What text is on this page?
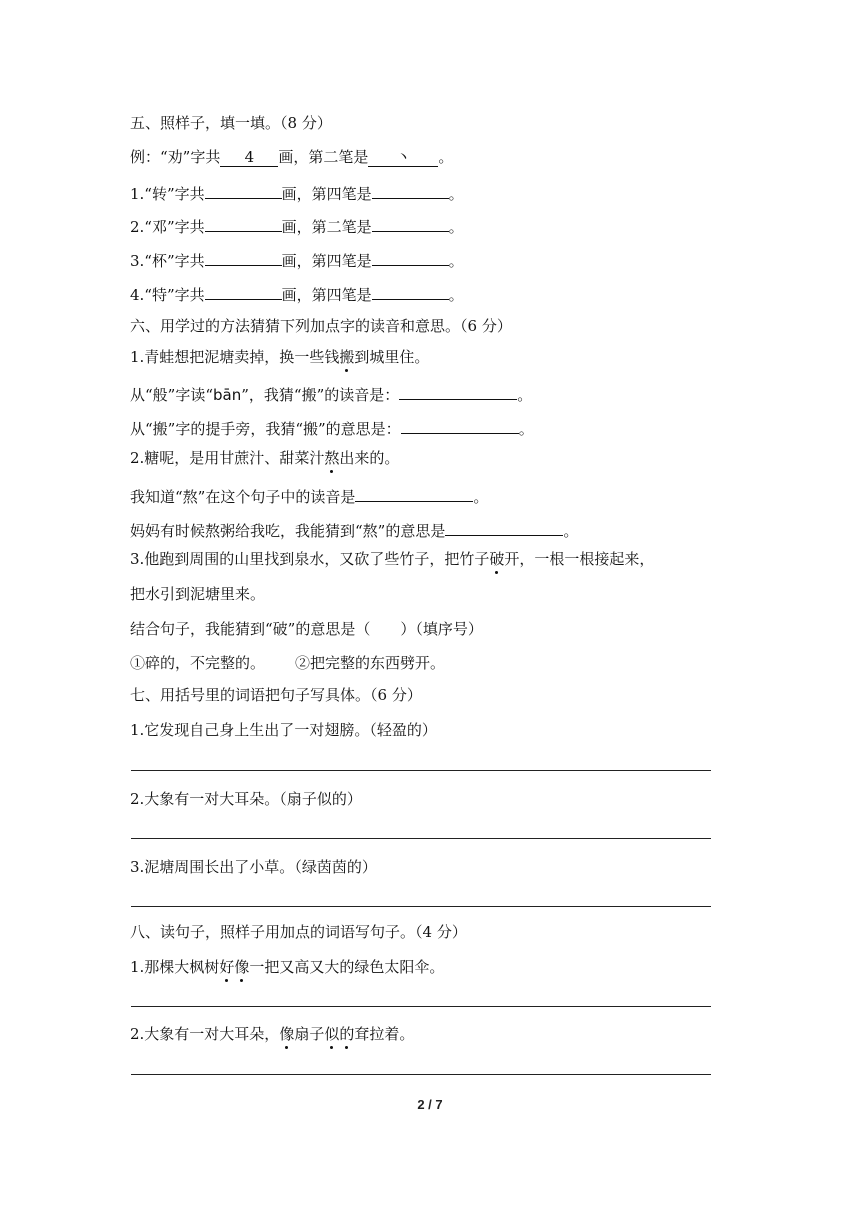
五、照样子，填一填。（8 分）
例：“劝”字共 4 画，第二笔是 丶 。
1.“转”字共	画，第四笔是	。
2.“邓”字共	画，第二笔是	。
3.“杯”字共	画，第四笔是	。
4.“特”字共	画，第四笔是	。
六、用学过的方法猜猜下列加点字的读音和意思。（6 分）
1.青蛙想把泥塘卖掉，换一些钱搬到城里住。
从“般”字读“bān”，我猜“搬”的读音是：	。
从“搬”字的提手旁，我猜“搬”的意思是：	。
2.糖呢，是用甘蔗汁、甜菜汁熬出来的。
我知道“熬”在这个句子中的读音是	。
妈妈有时候熬粥给我吃，我能猜到“熬”的意思是	。
3.他跑到周围的山里找到泉水，又砍了些竹子，把竹子破开，一根一根接起来，
把水引到泥塘里来。
结合句子，我能猜到“破”的意思是（　　）（填序号）
①碎的，不完整的。 ②把完整的东西劈开。
七、用括号里的词语把句子写具体。（6 分）
1.它发现自己身上生出了一对翅膀。（轻盈的）
2.大象有一对大耳朵。（扇子似的）
3.泥塘周围长出了小草。（绿茵茵的）
八、读句子，照样子用加点的词语写句子。（4 分）
1.那棵大枫树好像一把又高又大的绿色太阳伞。
2.大象有一对大耳朵，像扇子似的耷拉着。
2 / 7
